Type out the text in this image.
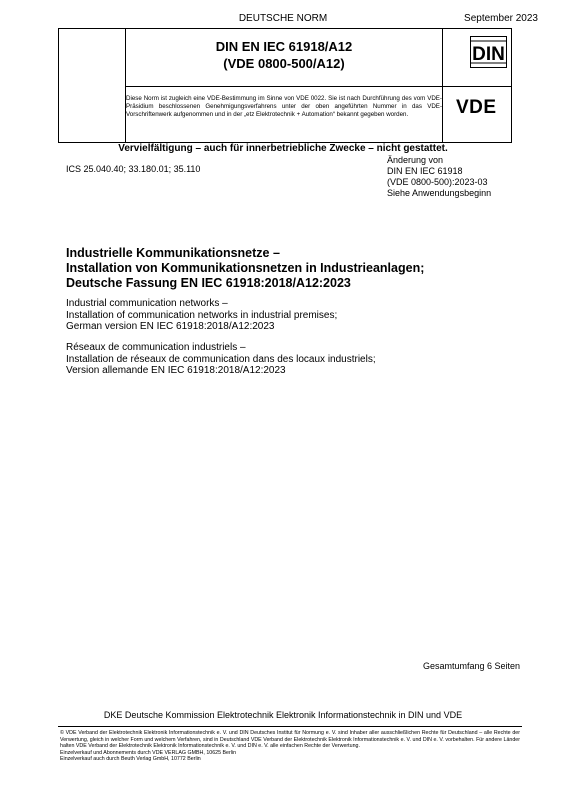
DEUTSCHE NORM	September 2023
DIN EN IEC 61918/A12
(VDE 0800-500/A12)
Diese Norm ist zugleich eine VDE-Bestimmung im Sinne von VDE 0022. Sie ist nach Durchführung des vom VDE-Präsidium beschlossenen Genehmigungsverfahrens unter der oben angeführten Nummer in das VDE-Vorschriftenwerk aufgenommen und in der „etz Elektrotechnik + Automation“ bekannt gegeben worden.
DIN
VDE
Vervielfältigung – auch für innerbetriebliche Zwecke – nicht gestattet.
ICS 25.040.40; 33.180.01; 35.110
Änderung von
DIN EN IEC 61918
(VDE 0800-500):2023-03
Siehe Anwendungsbeginn
Industrielle Kommunikationsnetze –
Installation von Kommunikationsnetzen in Industrieanlagen;
Deutsche Fassung EN IEC 61918:2018/A12:2023
Industrial communication networks –
Installation of communication networks in industrial premises;
German version EN IEC 61918:2018/A12:2023
Réseaux de communication industriels –
Installation de réseaux de communication dans des locaux industriels;
Version allemande EN IEC 61918:2018/A12:2023
Gesamtumfang 6 Seiten
DKE Deutsche Kommission Elektrotechnik Elektronik Informationstechnik in DIN und VDE
© VDE Verband der Elektrotechnik Elektronik Informationstechnik e. V. und DIN Deutsches Institut für Normung e. V. sind Inhaber aller ausschließlichen Rechte für Deutschland – alle Rechte der Verwertung, gleich in welcher Form und welchem Verfahren, sind in Deutschland VDE Verband der Elektrotechnik Elektronik Informationstechnik e. V. und DIN e. V. vorbehalten. Für andere Länder halten VDE Verband der Elektrotechnik Elektronik Informationstechnik e. V. und DIN e. V. alle einfachen Rechte der Verwertung.
Einzelverkauf und Abonnements durch VDE VERLAG GMBH, 10625 Berlin
Einzelverkauf auch durch Beuth Verlag GmbH, 10772 Berlin
